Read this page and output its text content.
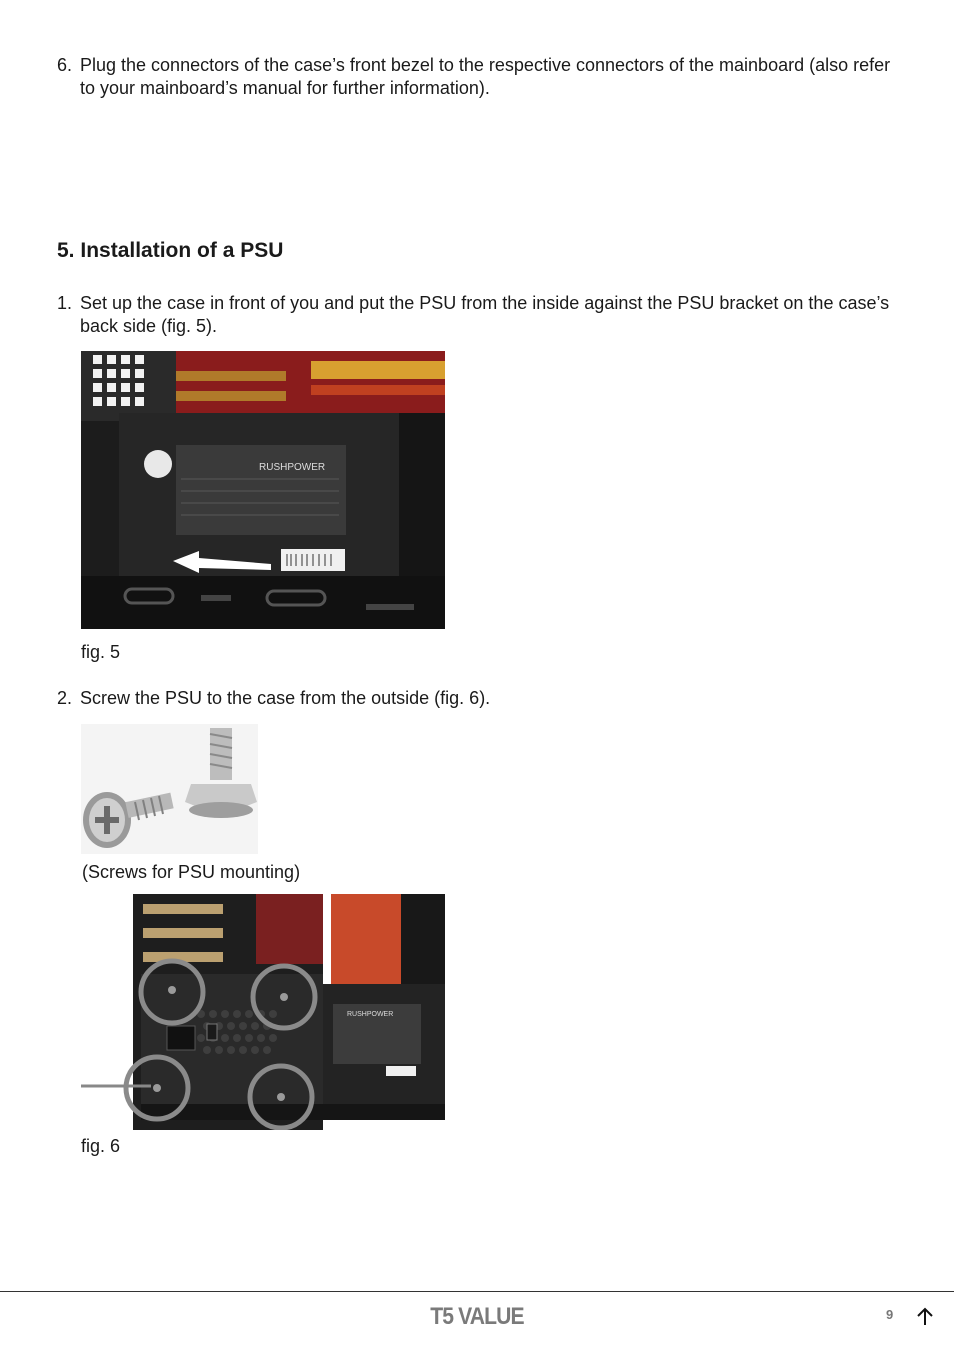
6. Plug the connectors of the case’s front bezel to the respective connectors of the mainboard (also refer to your mainboard’s manual for further information).
5. Installation of a PSU
1. Set up the case in front of you and put the PSU from the inside against the PSU bracket on the case’s back side (fig. 5).
RUSHPOWER
fig. 5
2. Screw the PSU to the case from the outside (fig. 6).
(Screws for PSU mounting)
RUSHPOWER
fig. 6
T5 VALUE	9
